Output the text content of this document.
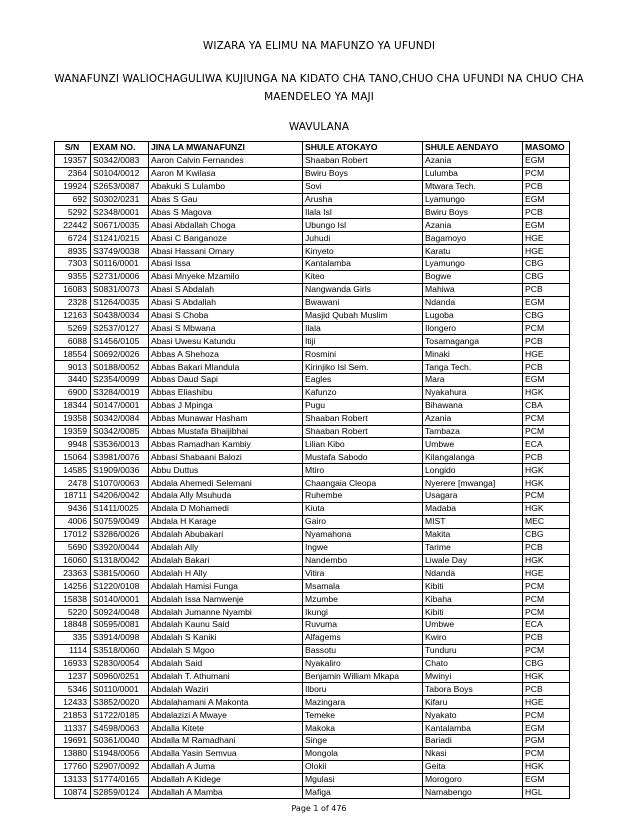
WIZARA YA ELIMU NA MAFUNZO YA UFUNDI
WANAFUNZI WALIOCHAGULIWA KUJIUNGA NA KIDATO CHA TANO,CHUO CHA UFUNDI NA CHUO CHA MAENDELEO YA MAJI
WAVULANA
S/N	EXAM NO.	JINA LA MWANAFUNZI	SHULE ATOKAYO	SHULE AENDAYO	MASOMO
19357	S0342/0083	Aaron Calvin Fernandes	Shaaban Robert	Azania	EGM
2364	S0104/0012	Aaron M Kwilasa	Bwiru Boys	Lulumba	PCM
19924	S2653/0087	Abakuki S Lulambo	Sovi	Mtwara Tech.	PCB
692	S0302/0231	Abas S Gau	Arusha	Lyamungo	EGM
5292	S2348/0001	Abas S Magova	Ilala Isl	Bwiru Boys	PCB
22442	S0671/0035	Abasi Abdallah Choga	Ubungo Isl	Azania	EGM
6724	S1241/0215	Abasi C Banganoze	Juhudi	Bagamoyo	HGE
8935	S3749/0038	Abasi Hassani Omary	Kinyeto	Karatu	HGE
7303	S0116/0001	Abasi Issa	Kantalamba	Lyamungo	CBG
9355	S2731/0006	Abasi Mnyeke Mzamilo	Kiteo	Bogwe	CBG
16083	S0831/0073	Abasi S Abdalah	Nangwanda Girls	Mahiwa	PCB
2328	S1264/0035	Abasi S Abdallah	Bwawani	Ndanda	EGM
12163	S0438/0034	Abasi S Choba	Masjid Qubah Muslim	Lugoba	CBG
5269	S2537/0127	Abasi S Mbwana	Ilala	Ilongero	PCM
6088	S1456/0105	Abasi Uwesu Katundu	Itiji	Tosamaganga	PCB
18554	S0692/0026	Abbas A Shehoza	Rosmini	Minaki	HGE
9013	S0188/0052	Abbas Bakari Mlandula	Kirinjiko Isl Sem.	Tanga Tech.	PCB
3440	S2354/0099	Abbas Daud Sapi	Eagles	Mara	EGM
6900	S3284/0019	Abbas Eliashibu	Kafunzo	Nyakahura	HGK
18344	S0147/0001	Abbas J Mpinga	Pugu	Bihawana	CBA
19358	S0342/0084	Abbas Munawar Hasham	Shaaban Robert	Azania	PCM
19359	S0342/0085	Abbas Mustafa Bhaijibhai	Shaaban Robert	Tambaza	PCM
9948	S3536/0013	Abbas Ramadhan Kambiy	Lilian Kibo	Umbwe	ECA
15064	S3981/0076	Abbasi Shabaani Balozi	Mustafa Sabodo	Kilangalanga	PCB
14585	S1909/0036	Abbu Duttus	Mtiro	Longido	HGK
2478	S1070/0063	Abdala Ahemedi Selemani	Chaangaia Cleopa	Nyerere [mwanga]	HGK
18711	S4206/0042	Abdala Ally Msuhuda	Ruhembe	Usagara	PCM
9436	S1411/0025	Abdala D Mohamedi	Kiuta	Madaba	HGK
4006	S0759/0049	Abdala H Karage	Gairo	MIST	MEC
17012	S3286/0026	Abdalah Abubakari	Nyamahona	Makita	CBG
5690	S3920/0044	Abdalah Ally	Ingwe	Tarime	PCB
16060	S1318/0042	Abdalah Bakari	Nandembo	Liwale Day	HGK
23363	S3815/0060	Abdalah H Ally	Vitira	Ndanda	HGE
14256	S1220/0108	Abdalah Hamisi Funga	Msamala	Kibiti	PCM
15838	S0140/0001	Abdalah Issa Namwenje	Mzumbe	Kibaha	PCM
5220	S0924/0048	Abdalah Jumanne Nyambi	Ikungi	Kibiti	PCM
18848	S0595/0081	Abdalah Kaunu Said	Ruvuma	Umbwe	ECA
335	S3914/0098	Abdalah S Kaniki	Alfagems	Kwiro	PCB
1114	S3518/0060	Abdalah S Mgoo	Bassotu	Tunduru	PCM
16933	S2830/0054	Abdalah Said	Nyakaliro	Chato	CBG
1237	S0960/0251	Abdalah T. Athumani	Benjamin William Mkapa	Mwinyi	HGK
5346	S0110/0001	Abdalah Waziri	Ilboru	Tabora Boys	PCB
12433	S3852/0020	Abdalahamani A Makonta	Mazingara	Kifaru	HGE
21853	S1722/0185	Abdalazizi A Mwaye	Temeke	Nyakato	PCM
11337	S4598/0063	Abdalla Kitete	Makoka	Kantalamba	EGM
19691	S0361/0040	Abdalla M Ramadhani	Singe	Bariadi	PGM
13880	S1948/0056	Abdalla Yasin Semvua	Mongola	Nkasi	PCM
17760	S2907/0092	Abdallah A Juma	Olokii	Geita	HGK
13133	S1774/0165	Abdallah A Kidege	Mgulasi	Morogoro	EGM
10874	S2859/0124	Abdallah A Mamba	Mafiga	Namabengo	HGL
Page 1 of 476
